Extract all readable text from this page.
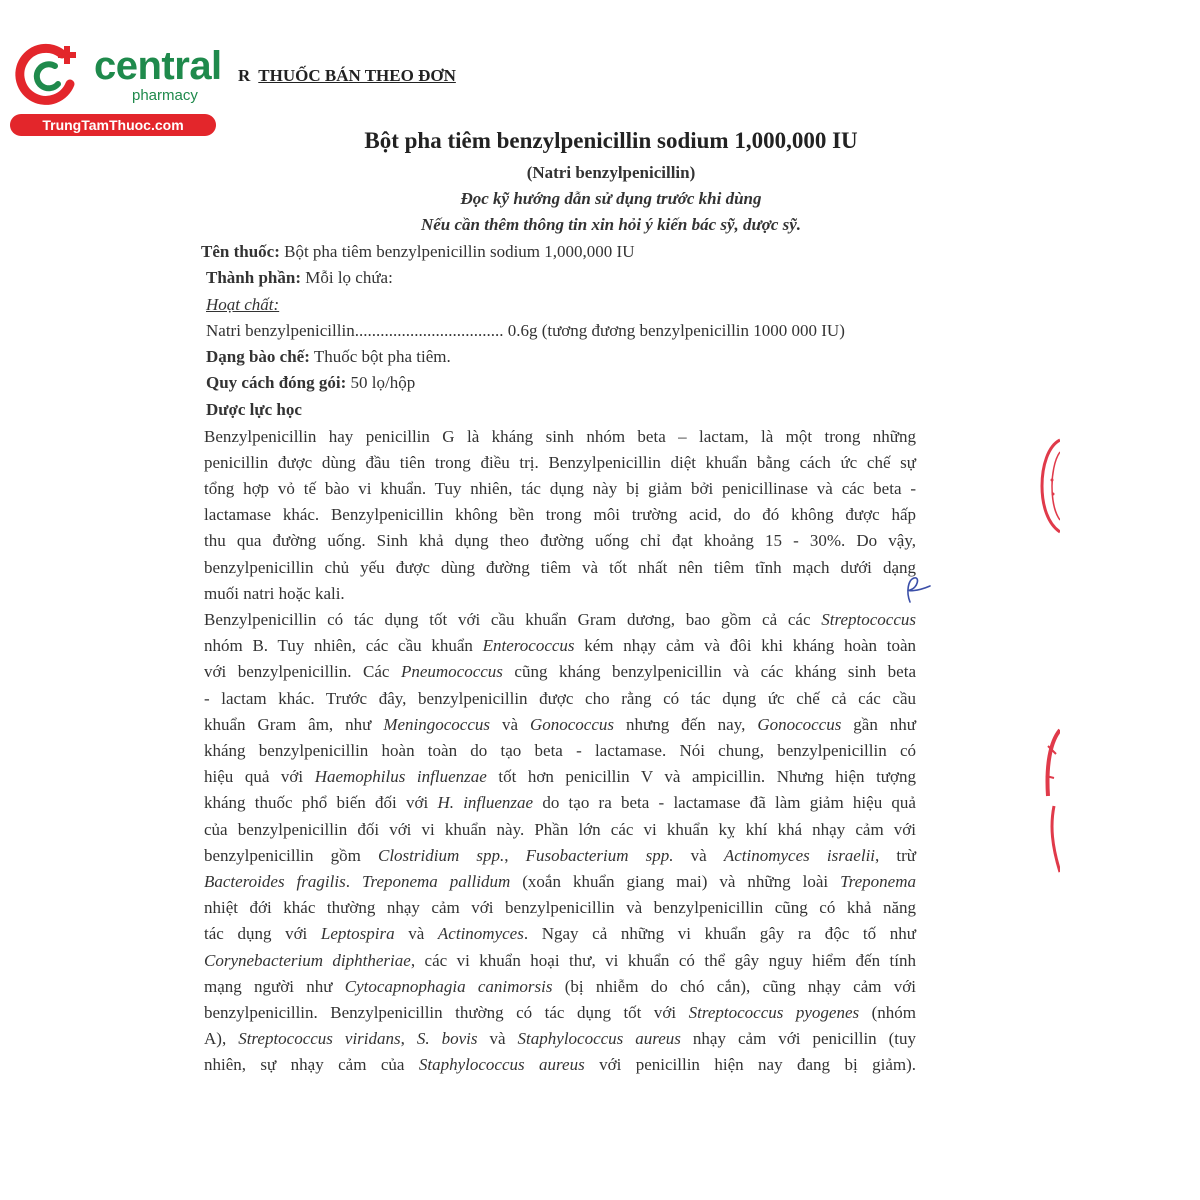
central
pharmacy
TrungTamThuoc.com
R THUỐC BÁN THEO ĐƠN
Bột pha tiêm benzylpenicillin sodium 1,000,000 IU
(Natri benzylpenicillin)
Đọc kỹ hướng dẫn sử dụng trước khi dùng
Nếu cần thêm thông tin xin hỏi ý kiến bác sỹ, dược sỹ.
Tên thuốc: Bột pha tiêm benzylpenicillin sodium 1,000,000 IU
Thành phần: Mỗi lọ chứa:
Hoạt chất:
Natri benzylpenicillin................................... 0.6g (tương đương benzylpenicillin 1000 000 IU)
Dạng bào chế: Thuốc bột pha tiêm.
Quy cách đóng gói: 50 lọ/hộp
Dược lực học
Benzylpenicillin hay penicillin G là kháng sinh nhóm beta – lactam, là một trong những
penicillin được dùng đầu tiên trong điều trị. Benzylpenicillin diệt khuẩn bằng cách ức chế sự
tổng hợp vỏ tế bào vi khuẩn. Tuy nhiên, tác dụng này bị giảm bởi penicillinase và các beta -
lactamase khác. Benzylpenicillin không bền trong môi trường acid, do đó không được hấp
thu qua đường uống. Sinh khả dụng theo đường uống chỉ đạt khoảng 15 - 30%. Do vậy,
benzylpenicillin chủ yếu được dùng đường tiêm và tốt nhất nên tiêm tĩnh mạch dưới dạng
muối natri hoặc kali.
Benzylpenicillin có tác dụng tốt với cầu khuẩn Gram dương, bao gồm cả các Streptococcus
nhóm B. Tuy nhiên, các cầu khuẩn Enterococcus kém nhạy cảm và đôi khi kháng hoàn toàn
với benzylpenicillin. Các Pneumococcus cũng kháng benzylpenicillin và các kháng sinh beta
- lactam khác. Trước đây, benzylpenicillin được cho rằng có tác dụng ức chế cả các cầu
khuẩn Gram âm, như Meningococcus và Gonococcus nhưng đến nay, Gonococcus gần như
kháng benzylpenicillin hoàn toàn do tạo beta - lactamase. Nói chung, benzylpenicillin có
hiệu quả với Haemophilus influenzae tốt hơn penicillin V và ampicillin. Nhưng hiện tượng
kháng thuốc phổ biến đối với H. influenzae do tạo ra beta - lactamase đã làm giảm hiệu quả
của benzylpenicillin đối với vi khuẩn này. Phần lớn các vi khuẩn kỵ khí khá nhạy cảm với
benzylpenicillin gồm Clostridium spp., Fusobacterium spp. và Actinomyces israelii, trừ
Bacteroides fragilis. Treponema pallidum (xoắn khuẩn giang mai) và những loài Treponema
nhiệt đới khác thường nhạy cảm với benzylpenicillin và benzylpenicillin cũng có khả năng
tác dụng với Leptospira và Actinomyces. Ngay cả những vi khuẩn gây ra độc tố như
Corynebacterium diphtheriae, các vi khuẩn hoại thư, vi khuẩn có thể gây nguy hiểm đến tính
mạng người như Cytocapnophagia canimorsis (bị nhiễm do chó cắn), cũng nhạy cảm với
benzylpenicillin. Benzylpenicillin thường có tác dụng tốt với Streptococcus pyogenes (nhóm
A), Streptococcus viridans, S. bovis và Staphylococcus aureus nhạy cảm với penicillin (tuy
nhiên, sự nhạy cảm của Staphylococcus aureus với penicillin hiện nay đang bị giảm).
